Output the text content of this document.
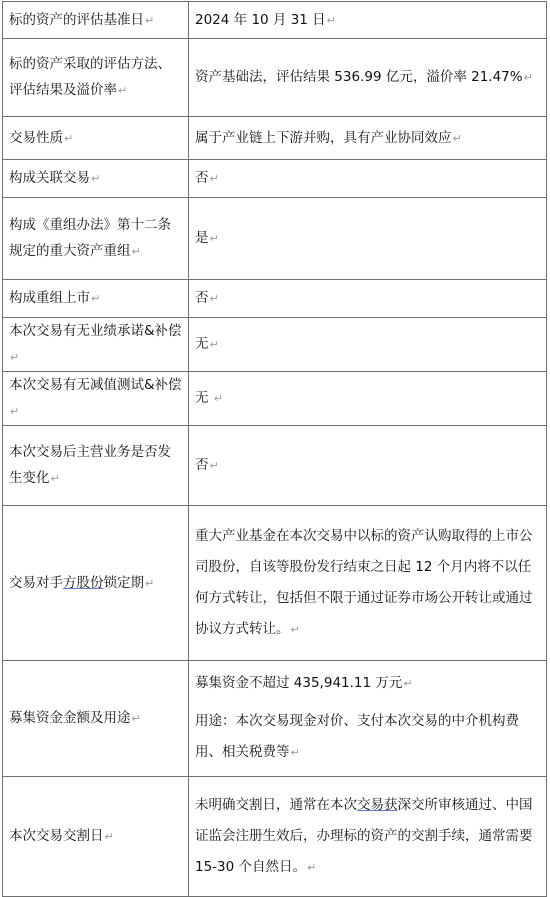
标的资产的评估基准日↵	2024 年 10 月 31 日↵
标的资产采取的评估方法、评估结果及溢价率↵	资产基础法，评估结果 536.99 亿元，溢价率 21.47%↵
交易性质↵	属于产业链上下游并购，具有产业协同效应↵
构成关联交易↵	否↵
构成《重组办法》第十二条规定的重大资产重组↵	是↵
构成重组上市↵	否↵
本次交易有无业绩承诺&补偿↵	无↵
本次交易有无减值测试&补偿↵	无 ↵
本次交易后主营业务是否发生变化↵	否↵
交易对手方股份锁定期↵	重大产业基金在本次交易中以标的资产认购取得的上市公司股份，自该等股份发行结束之日起 12 个月内将不以任何方式转让，包括但不限于通过证券市场公开转让或通过协议方式转让。↵
募集资金金额及用途↵	募集资金不超过 435,941.11 万元↵
用途：本次交易现金对价、支付本次交易的中介机构费用、相关税费等↵

本次交易交割日↵	未明确交割日，通常在本次交易获深交所审核通过、中国证监会注册生效后，办理标的资产的交割手续，通常需要 15-30 个自然日。↵
